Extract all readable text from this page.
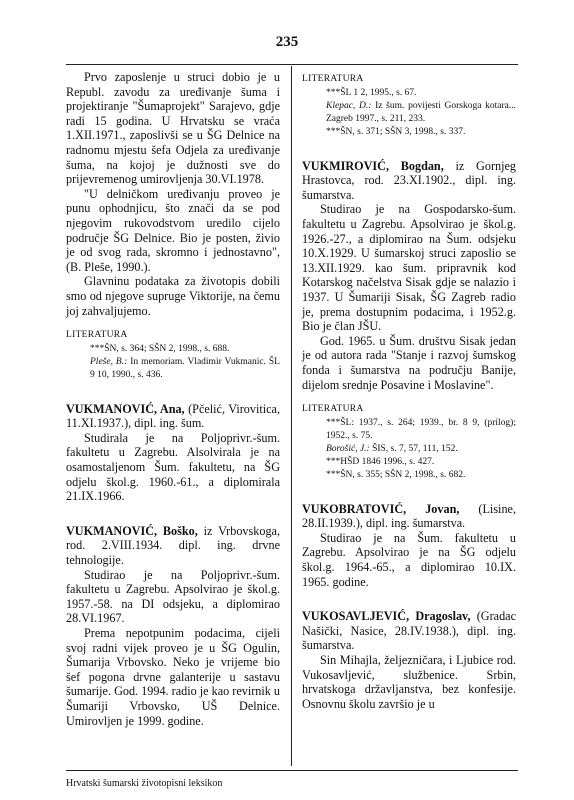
235

Prvo zaposlenje u struci dobio je u Republ. zavodu za uređivanje šuma i projektiranje "Šumaprojekt" Sarajevo, gdje radi 15 godina. U Hrvatsku se vraća 1.XII.1971., zaposlivši se u ŠG Delnice na radnomu mjestu šefa Odjela za uređivanje šuma, na kojoj je dužnosti sve do prijevremenog umirovljenja 30.VI.1978.

"U delničkom uređivanju proveo je punu ophodnjicu, što znači da se pod njegovim rukovodstvom uredilo cijelo područje ŠG Delnice. Bio je posten, živio je od svog rada, skromno i jednostavno", (B. Pleše, 1990.).

Glavninu podataka za životopis dobili smo od njegove supruge Viktorije, na čemu joj zahvaljujemo.

LITERATURA

***ŠN, s. 364; SŠN 2, 1998., s. 688.

Pleše, B.: In memoriam. Vladimir Vukmanic. ŠL 9 10, 1990., s. 436.

VUKMANOVIĆ, Ana, (Pčelić, Virovitica, 11.XI.1937.), dipl. ing. šum.

Studirala je na Poljoprivr.-šum. fakultetu u Zagrebu. Alsolvirala je na osamostaljenom Šum. fakultetu, na ŠG odjelu škol.g. 1960.-61., a diplomirala 21.IX.1966.

VUKMANOVIĆ, Boško, iz Vrbovskoga, rod. 2.VIII.1934. dipl. ing. drvne tehnologije.

Studirao je na Poljoprivr.-šum. fakultetu u Zagrebu. Apsolvirao je škol.g. 1957.-58. na DI odsjeku, a diplomirao 28.VI.1967.

Prema nepotpunim podacima, cijeli svoj radni vijek proveo je u ŠG Ogulin, Šumarija Vrbovsko. Neko je vrijeme bio šef pogona drvne galanterije u sastavu šumarije. God. 1994. radio je kao revirnik u Šumariji Vrbovsko, UŠ Delnice. Umirovljen je 1999. godine.

LITERATURA

***ŠL 1 2, 1995., s. 67.

Klepac, D.: Iz šum. povijesti Gorskoga kotara... Zagreb 1997., s. 211, 233.

***ŠN, s. 371; SŠN 3, 1998., s. 337.

VUKMIROVIĆ, Bogdan, iz Gornjeg Hrastovca, rod. 23.XI.1902., dipl. ing. šumarstva.

Studirao je na Gospodarsko-šum. fakultetu u Zagrebu. Apsolvirao je škol.g. 1926.-27., a diplomirao na Šum. odsjeku 10.X.1929. U šumarskoj struci zaposlio se 13.XII.1929. kao šum. pripravnik kod Kotarskog načelstva Sisak gdje se nalazio i 1937. U Šumariji Sisak, ŠG Zagreb radio je, prema dostupnim podacima, i 1952.g. Bio je član JŠU.

God. 1965. u Šum. društvu Sisak jedan je od autora rada "Stanje i razvoj šumskog fonda i šumarstva na području Banije, dijelom srednje Posavine i Moslavine".

LITERATURA

***ŠL: 1937., s. 264; 1939., br. 8 9, (prilog); 1952., s. 75.

Borošić, J.: ŠIS, s. 7, 57, 111, 152.

***HŠD 1846 1996., s. 427.

***ŠN, s. 355; SŠN 2, 1998., s. 682.

VUKOBRATOVIĆ, Jovan, (Lisine, 28.II.1939.), dipl. ing. šumarstva.

Studirao je na Šum. fakultetu u Zagrebu. Apsolvirao je na ŠG odjelu škol.g. 1964.-65., a diplomirao 10.IX. 1965. godine.

VUKOSAVLJEVIĆ, Dragoslav, (Gradac Našički, Nasice, 28.IV.1938.), dipl. ing. šumarstva.

Sin Mihajla, željezničara, i Ljubice rod. Vukosavljević, službenice. Srbin, hrvatskoga državljanstva, bez konfesije. Osnovnu školu završio je u

Hrvatski šumarski životopisni leksikon
